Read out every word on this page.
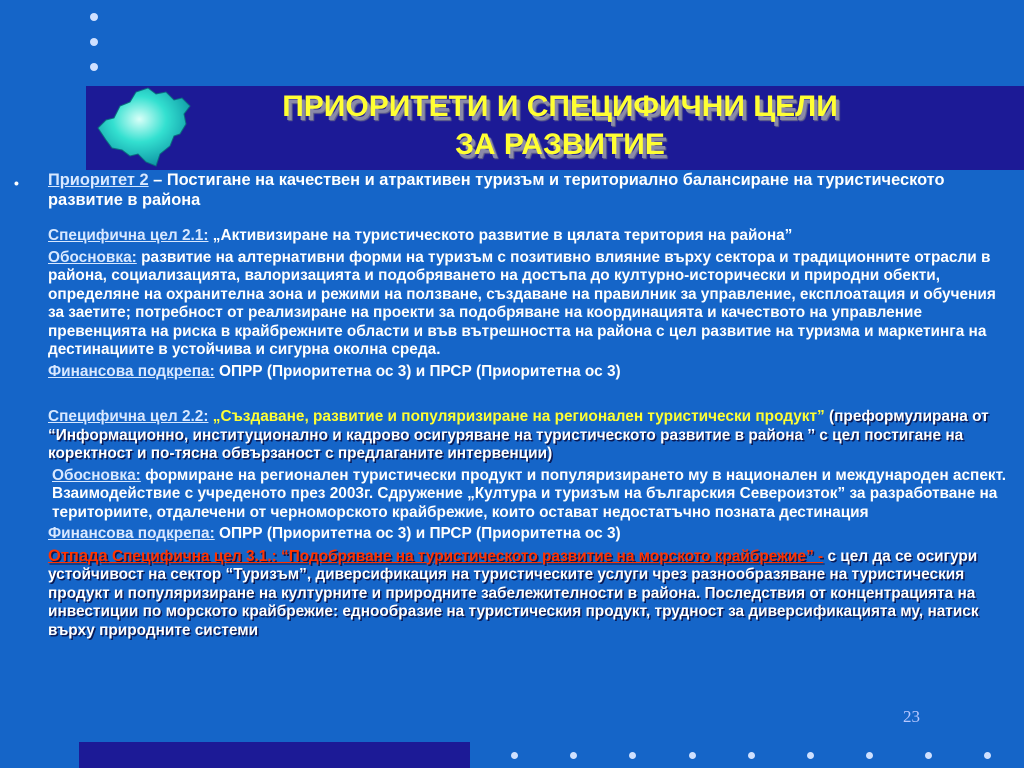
ПРИОРИТЕТИ И СПЕЦИФИЧНИ ЦЕЛИ
ЗА РАЗВИТИЕ
• Приоритет 2 – Постигане на качествен и атрактивен туризъм и териториално балансиране на туристическото развитие в района

Специфична цел 2.1: „Активизиране на туристическото развитие в цялата територия на района”

Обосновка: развитие на алтернативни форми на туризъм с позитивно влияние върху сектора и традиционните отрасли в района, социализацията, валоризацията и подобряването на достъпа до културно-исторически и природни обекти, определяне на охранителна зона и режими на ползване, създаване на правилник за управление, експлоатация и обучения за заетите; потребност от реализиране на проекти за подобряване на координацията и качеството на управление превенцията на риска в крайбрежните области и във вътрешността на района с цел развитие на туризма и маркетинга на дестинациите в устойчива и сигурна околна среда.

Финансова подкрепа: ОПРР (Приоритетна ос 3) и ПРСР (Приоритетна ос 3)

Специфична цел 2.2: „Създаване, развитие и популяризиране на регионален туристически продукт” (преформулирана от “Информационно, институционално и кадрово осигуряване на туристическото развитие в района ˮ с цел постигане на коректност и по-тясна обвързаност с предлаганите интервенции)

Обосновка: формиране на регионален туристически продукт и популяризирането му в национален и международен аспект. Взаимодействие с учреденото през 2003г. Сдружение „Култура и туризъм на българския Североизток” за разработване на териториите, отдалечени от черноморското крайбрежие, които остават недостатъчно позната дестинация

Финансова подкрепа: ОПРР (Приоритетна ос 3) и ПРСР (Приоритетна ос 3)

Отпада Специфична цел 3.1.: “Подобряване на туристическото развитие на морското крайбрежие” - с цел да се осигури устойчивост на сектор “Туризъм”, диверсификация на туристическите услуги чрез разнообразяване на туристическия продукт и популяризиране на културните и природните забележителности в района. Последствия от концентрацията на инвестиции по морското крайбрежие: еднообразие на туристическия продукт, трудност за диверсификацията му, натиск върху природните системи

23
